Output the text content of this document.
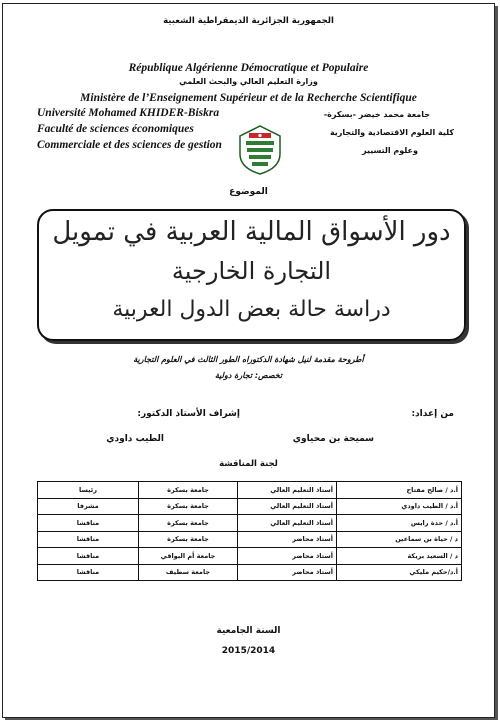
الجمهورية الجزائرية الديمقراطية الشعبية
République Algérienne Démocratique et Populaire
وزارة التعليم العالي والبحث العلمي
Ministère de l’Enseignement Supérieur et de la Recherche Scientifique
Université Mohamed KHIDER-Biskra
Faculté de sciences économiques
Commerciale et des sciences de gestion
جامعة محمد خيضر -بسكرة-
كلية العلوم الاقتصادية والتجارية
وعلوم التسيير
الموضوع
دور الأسواق المالية العربية في تمويل
التجارة الخارجية
دراسة حالة بعض الدول العربية
أطروحة مقدمة لنيل شهادة الدكتوراه الطور الثالث في العلوم التجارية
تخصص: تجارة دولية
من إعداد:
سميحة بن محياوي
إشراف الأستاذ الدكتور:
الطيب داودي
لجنة المناقشة
أ.د / صالح مفتاح	أستاذ التعليم العالي	جامعة بسكرة	رئيسا
أ.د / الطيب داودي	أستاذ التعليم العالي	جامعة بسكرة	مشرفا
أ.د / حدة رايس	أستاذ التعليم العالي	جامعة بسكرة	مناقشا
د / حياة بن سماعين	أستاذ محاضر	جامعة بسكرة	مناقشا
د / السعيد بريكة	أستاذ محاضر	جامعة أم البواقي	مناقشا
أ.د/حكيم مليكي	أستاذ محاضر	جامعة سطيف	مناقشا
السنة الجامعية
2015/2014
